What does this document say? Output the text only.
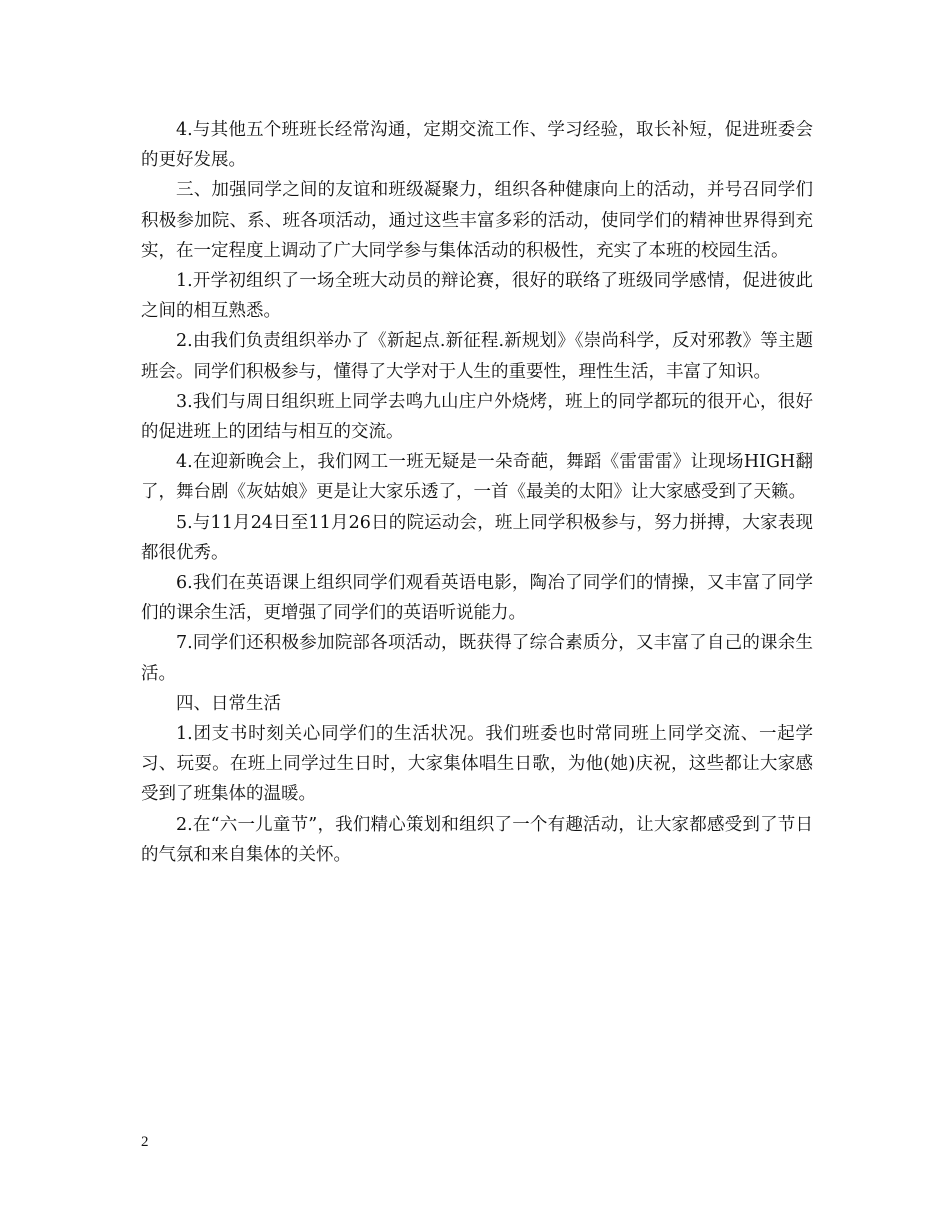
4.与其他五个班班长经常沟通，定期交流工作、学习经验，取长补短，促进班委会的更好发展。

三、加强同学之间的友谊和班级凝聚力，组织各种健康向上的活动，并号召同学们积极参加院、系、班各项活动，通过这些丰富多彩的活动，使同学们的精神世界得到充实，在一定程度上调动了广大同学参与集体活动的积极性，充实了本班的校园生活。

1.开学初组织了一场全班大动员的辩论赛，很好的联络了班级同学感情，促进彼此之间的相互熟悉。

2.由我们负责组织举办了《新起点.新征程.新规划》《崇尚科学，反对邪教》等主题班会。同学们积极参与，懂得了大学对于人生的重要性，理性生活，丰富了知识。

3.我们与周日组织班上同学去鸣九山庄户外烧烤，班上的同学都玩的很开心，很好的促进班上的团结与相互的交流。

4.在迎新晚会上，我们网工一班无疑是一朵奇葩，舞蹈《雷雷雷》让现场HIGH翻了，舞台剧《灰姑娘》更是让大家乐透了，一首《最美的太阳》让大家感受到了天籁。

5.与11月24日至11月26日的院运动会，班上同学积极参与，努力拼搏，大家表现都很优秀。

6.我们在英语课上组织同学们观看英语电影，陶冶了同学们的情操，又丰富了同学们的课余生活，更增强了同学们的英语听说能力。

7.同学们还积极参加院部各项活动，既获得了综合素质分，又丰富了自己的课余生活。

四、日常生活

1.团支书时刻关心同学们的生活状况。我们班委也时常同班上同学交流、一起学习、玩耍。在班上同学过生日时，大家集体唱生日歌，为他(她)庆祝，这些都让大家感受到了班集体的温暖。

2.在“六一儿童节”，我们精心策划和组织了一个有趣活动，让大家都感受到了节日的气氛和来自集体的关怀。

2
